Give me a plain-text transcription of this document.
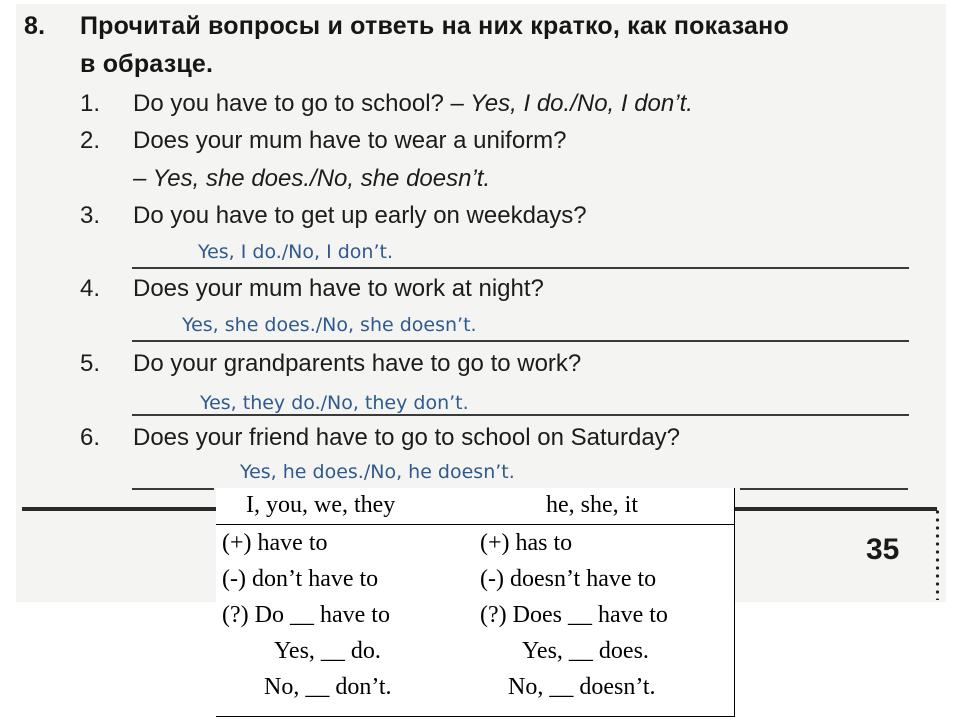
8. Прочитай вопросы и ответь на них кратко, как показано
в образце.
1. Do you have to go to school? – Yes, I do./No, I don’t.
2. Does your mum have to wear a uniform?
– Yes, she does./No, she doesn’t.
3. Do you have to get up early on weekdays?
Yes, I do./No, I don’t.
4. Does your mum have to work at night?
Yes, she does./No, she doesn’t.
5. Do your grandparents have to go to work?
Yes, they do./No, they don’t.
6. Does your friend have to go to school on Saturday?
Yes, he does./No, he doesn’t.
35
I, you, we, they	he, she, it
(+) have to	(+) has to
(-) don’t have to	(-) doesn’t have to
(?) Do __ have to	(?) Does __ have to
Yes, __ do.	Yes, __ does.
No, __ don’t.	No, __ doesn’t.
